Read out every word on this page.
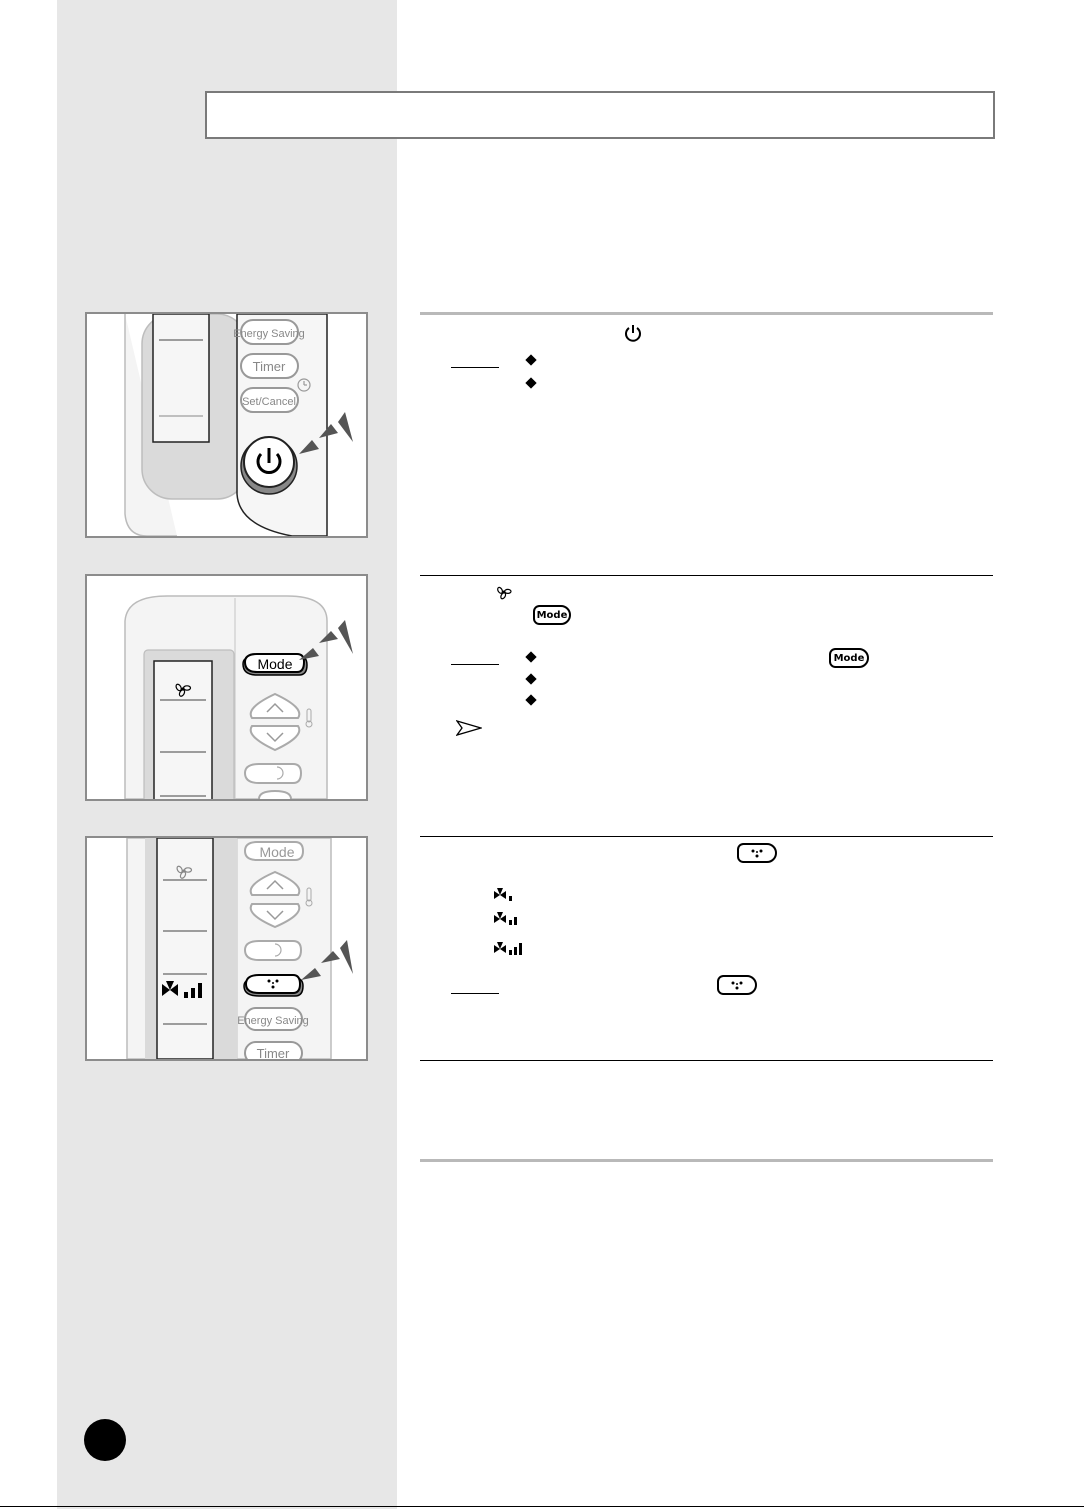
Energy Saving
Timer
Set/Cancel
Mode
Mode
Mode
Mode
Energy Saving
Timer
